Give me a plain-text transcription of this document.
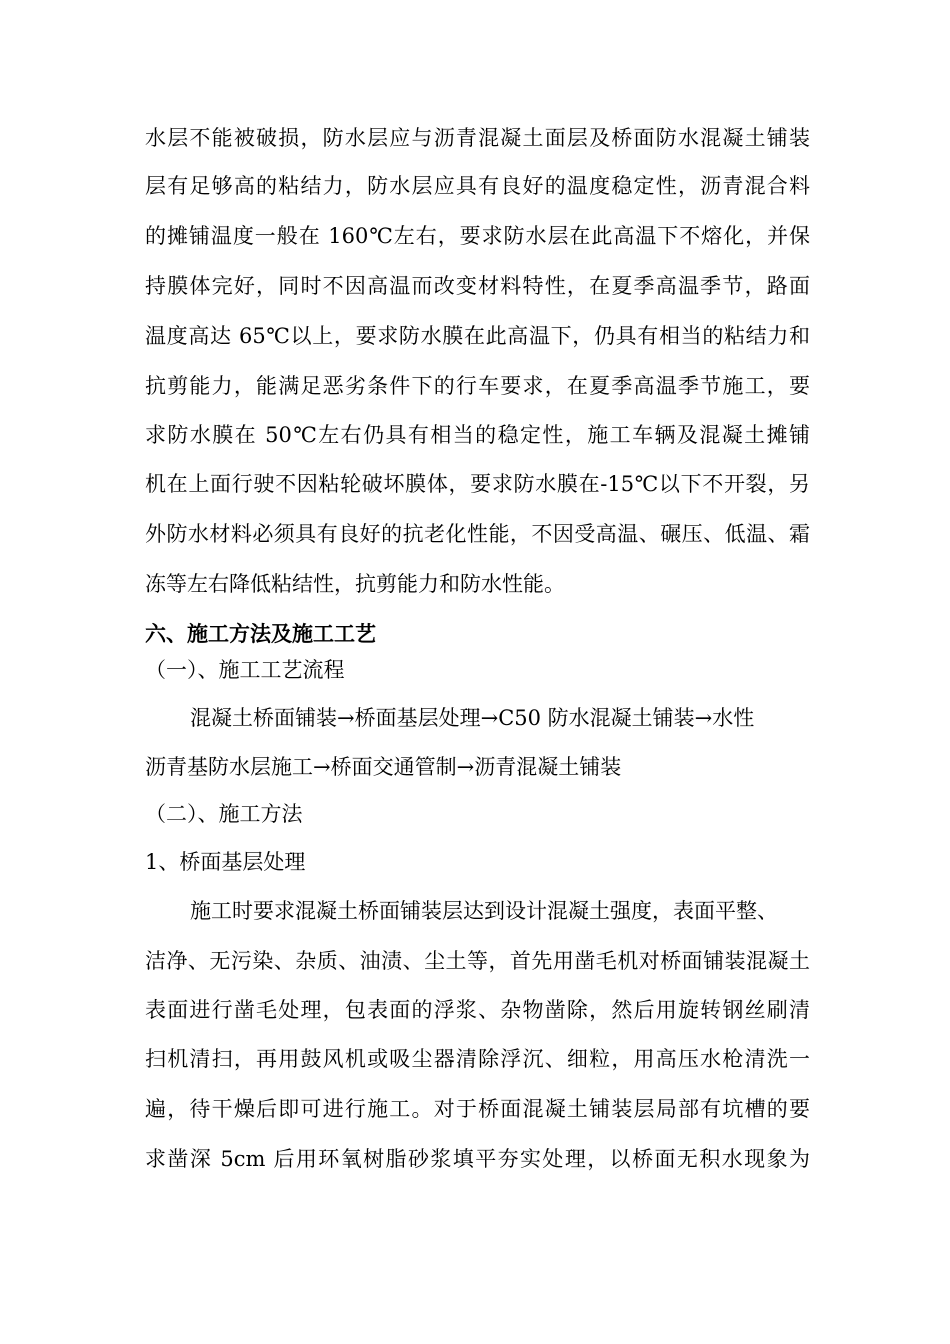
水层不能被破损，防水层应与沥青混凝土面层及桥面防水混凝土铺装
层有足够高的粘结力，防水层应具有良好的温度稳定性，沥青混合料
的摊铺温度一般在 160℃左右，要求防水层在此高温下不熔化，并保
持膜体完好，同时不因高温而改变材料特性，在夏季高温季节，路面
温度高达 65℃以上，要求防水膜在此高温下，仍具有相当的粘结力和
抗剪能力，能满足恶劣条件下的行车要求，在夏季高温季节施工，要
求防水膜在 50℃左右仍具有相当的稳定性，施工车辆及混凝土摊铺
机在上面行驶不因粘轮破坏膜体，要求防水膜在-15℃以下不开裂，另
外防水材料必须具有良好的抗老化性能，不因受高温、碾压、低温、霜
冻等左右降低粘结性，抗剪能力和防水性能。
六、施工方法及施工工艺
（一）、施工工艺流程
混凝土桥面铺装→桥面基层处理→C50 防水混凝土铺装→水性
沥青基防水层施工→桥面交通管制→沥青混凝土铺装
（二）、施工方法
1、桥面基层处理
施工时要求混凝土桥面铺装层达到设计混凝土强度，表面平整、
洁净、无污染、杂质、油渍、尘土等，首先用凿毛机对桥面铺装混凝土
表面进行凿毛处理，包表面的浮浆、杂物凿除，然后用旋转钢丝刷清
扫机清扫，再用鼓风机或吸尘器清除浮沉、细粒，用高压水枪清洗一
遍，待干燥后即可进行施工。对于桥面混凝土铺装层局部有坑槽的要
求凿深 5cm 后用环氧树脂砂浆填平夯实处理，以桥面无积水现象为
